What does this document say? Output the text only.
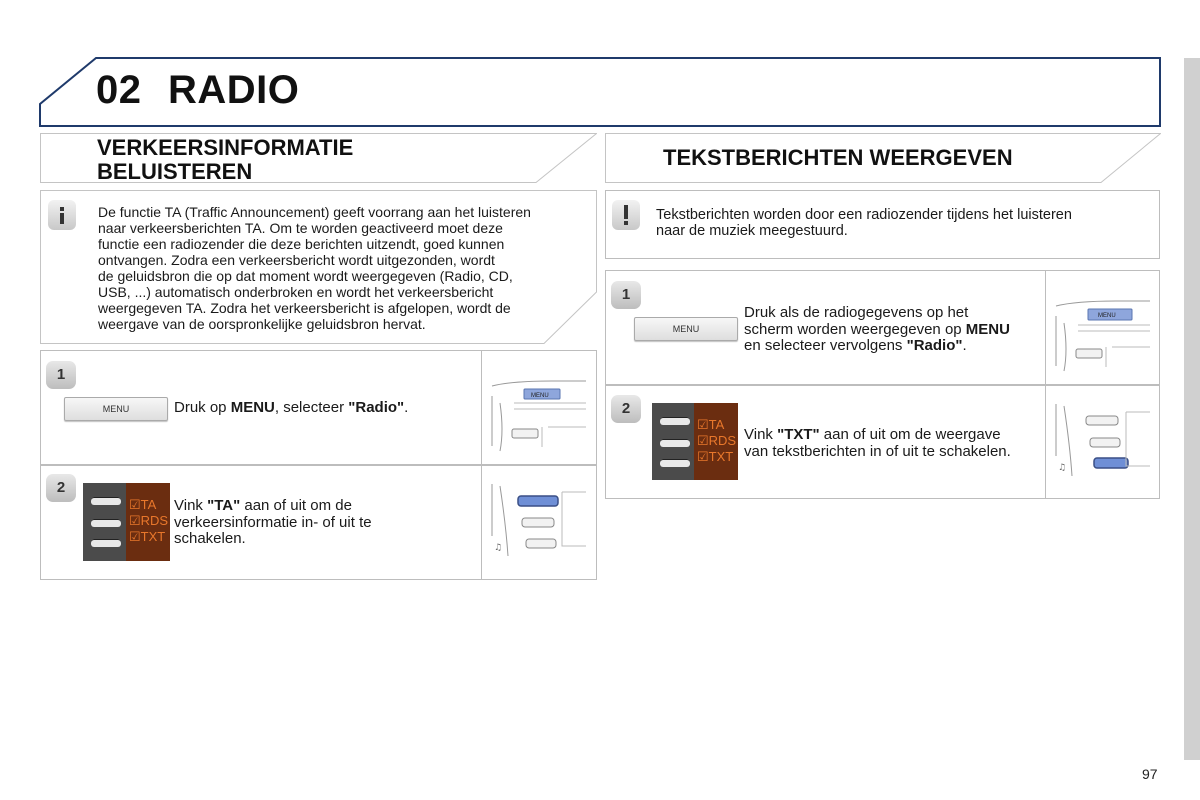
02 RADIO
VERKEERSINFORMATIE
BELUISTEREN
De functie TA (Traffic Announcement) geeft voorrang aan het luisteren
naar verkeersberichten TA. Om te worden geactiveerd moet deze
functie een radiozender die deze berichten uitzendt, goed kunnen
ontvangen. Zodra een verkeersbericht wordt uitgezonden, wordt
de geluidsbron die op dat moment wordt weergegeven (Radio, CD,
USB, ...) automatisch onderbroken en wordt het verkeersbericht
weergegeven TA. Zodra het verkeersbericht is afgelopen, wordt de
weergave van de oorspronkelijke geluidsbron hervat.
MENU
1
MENU	Druk op MENU, selecteer "Radio".
♫
2
☑TA
☑RDS
☑TXT
Vink "TA" aan of uit om de
verkeersinformatie in- of uit te
schakelen.
TEKSTBERICHTEN WEERGEVEN
Tekstberichten worden door een radiozender tijdens het luisteren
naar de muziek meegestuurd.
MENU
1
MENU
Druk als de radiogegevens op het
scherm worden weergegeven op MENU
en selecteer vervolgens "Radio".
♫
2
☑TA
☑RDS
☑TXT
Vink "TXT" aan of uit om de weergave
van tekstberichten in of uit te schakelen.
97
